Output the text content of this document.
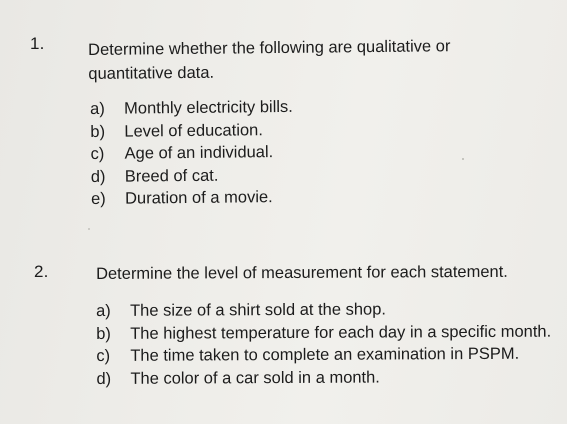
1.	Determine whether the following are qualitative or quantitative data.

a)	Monthly electricity bills.
b)	Level of education.
c)	Age of an individual.
d)	Breed of cat.
e)	Duration of a movie.
2.	Determine the level of measurement for each statement.

a)	The size of a shirt sold at the shop.
b)	The highest temperature for each day in a specific month.
c)	The time taken to complete an examination in PSPM.
d)	The color of a car sold in a month.
